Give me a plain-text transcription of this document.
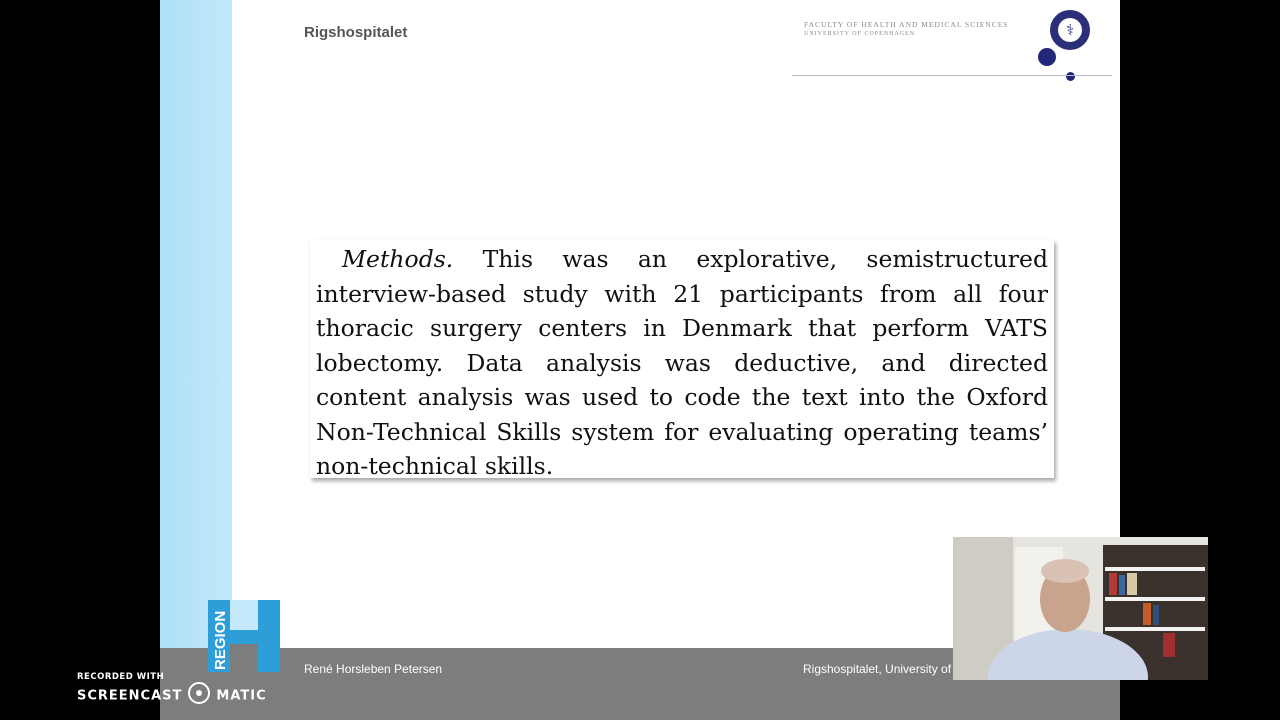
Rigshospitalet	FACULTY OF HEALTH AND MEDICAL SCIENCES
UNIVERSITY OF COPENHAGEN	⚕
Methods. This was an explorative, semistructured interview-based study with 21 participants from all four thoracic surgery centers in Denmark that perform VATS lobectomy. Data analysis was deductive, and directed content analysis was used to code the text into the Oxford Non-Technical Skills system for evaluating operating teams’ non-technical skills.
René Horsleben Petersen	Rigshospitalet, University of
REGION
RECORDED WITH
SCREENCAST	MATIC
